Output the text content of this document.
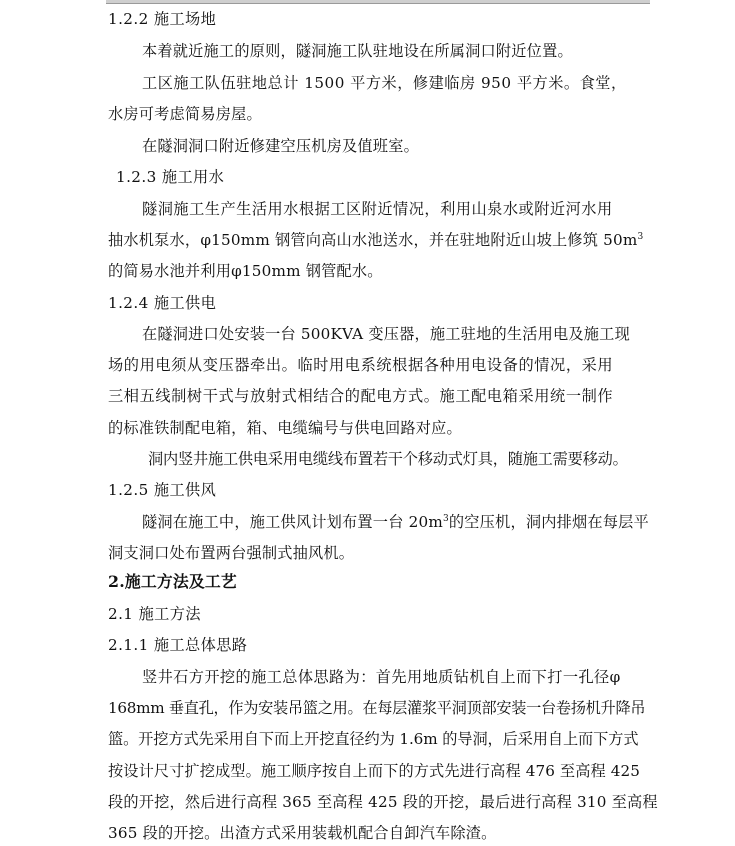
1.2.2 施工场地
本着就近施工的原则，隧洞施工队驻地设在所属洞口附近位置。
工区施工队伍驻地总计 1500 平方米，修建临房 950 平方米。食堂，
水房可考虑简易房屋。
在隧洞洞口附近修建空压机房及值班室。
1.2.3 施工用水
隧洞施工生产生活用水根据工区附近情况，利用山泉水或附近河水用
抽水机泵水，φ150mm 钢管向高山水池送水，并在驻地附近山坡上修筑 $50m^3$
的简易水池并利用φ150mm 钢管配水。
1.2.4 施工供电
在隧洞进口处安装一台 500KVA 变压器，施工驻地的生活用电及施工现
场的用电须从变压器牵出。临时用电系统根据各种用电设备的情况，采用
三相五线制树干式与放射式相结合的配电方式。施工配电箱采用统一制作
的标准铁制配电箱，箱、电缆编号与供电回路对应。
洞内竖井施工供电采用电缆线布置若干个移动式灯具，随施工需要移动。
1.2.5 施工供风
隧洞在施工中，施工供风计划布置一台 $20m^3$的空压机，洞内排烟在每层平
洞支洞口处布置两台强制式抽风机。
2.施工方法及工艺
2.1 施工方法
2.1.1 施工总体思路
竖井石方开挖的施工总体思路为：首先用地质钻机自上而下打一孔径φ
168mm 垂直孔，作为安装吊篮之用。在每层灌浆平洞顶部安装一台卷扬机升降吊
篮。开挖方式先采用自下而上开挖直径约为 1.6m 的导洞，后采用自上而下方式
按设计尺寸扩挖成型。施工顺序按自上而下的方式先进行高程 476 至高程 425
段的开挖，然后进行高程 365 至高程 425 段的开挖，最后进行高程 310 至高程
365 段的开挖。出渣方式采用装载机配合自卸汽车除渣。
